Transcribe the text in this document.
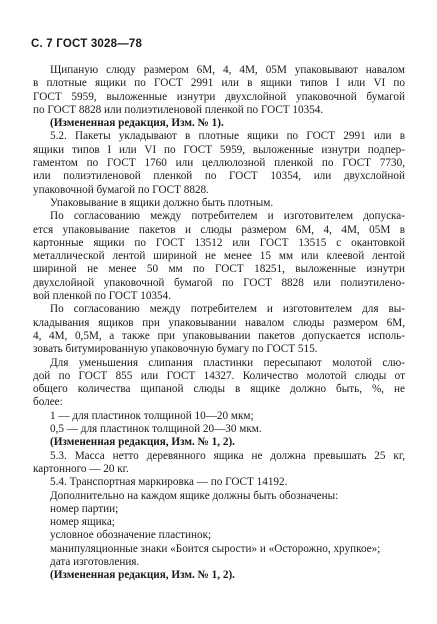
С. 7 ГОСТ 3028—78
Щипаную слюду размером 6М, 4, 4М, 05М упаковывают навалом
в плотные ящики по ГОСТ 2991 или в ящики типов I или VI по
ГОСТ 5959, выложенные изнутри двухслойной упаковочной бумагой
по ГОСТ 8828 или полиэтиленовой пленкой по ГОСТ 10354.
(Измененная редакция, Изм. № 1).
5.2. Пакеты укладывают в плотные ящики по ГОСТ 2991 или в
ящики типов I или VI по ГОСТ 5959, выложенные изнутри подпер-
гаментом по ГОСТ 1760 или целлюлозной пленкой по ГОСТ 7730,
или полиэтиленовой пленкой по ГОСТ 10354, или двухслойной
упаковочной бумагой по ГОСТ 8828.
Упаковывание в ящики должно быть плотным.
По согласованию между потребителем и изготовителем допуска-
ется упаковывание пакетов и слюды размером 6М, 4, 4М, 05М в
картонные ящики по ГОСТ 13512 или ГОСТ 13515 с окантовкой
металлической лентой шириной не менее 15 мм или клеевой лентой
шириной не менее 50 мм по ГОСТ 18251, выложенные изнутри
двухслойной упаковочной бумагой по ГОСТ 8828 или полиэтилено-
вой пленкой по ГОСТ 10354.
По согласованию между потребителем и изготовителем для вы-
кладывания ящиков при упаковывании навалом слюды размером 6М,
4, 4М, 0,5М, а также при упаковывании пакетов допускается исполь-
зовать битумированную упаковочную бумагу по ГОСТ 515.
Для уменьшения слипания пластинки пересыпают молотой слю-
дой по ГОСТ 855 или ГОСТ 14327. Количество молотой слюды от
общего количества щипаной слюды в ящике должно быть, %, не
более:
1 — для пластинок толщиной 10—20 мкм;
0,5 — для пластинок толщиной 20—30 мкм.
(Измененная редакция, Изм. № 1, 2).
5.3. Масса нетто деревянного ящика не должна превышать 25 кг,
картонного — 20 кг.
5.4. Транспортная маркировка — по ГОСТ 14192.
Дополнительно на каждом ящике должны быть обозначены:
номер партии;
номер ящика;
условное обозначение пластинок;
манипуляционные знаки «Боится сырости» и «Осторожно, хрупкое»;
дата изготовления.
(Измененная редакция, Изм. № 1, 2).
